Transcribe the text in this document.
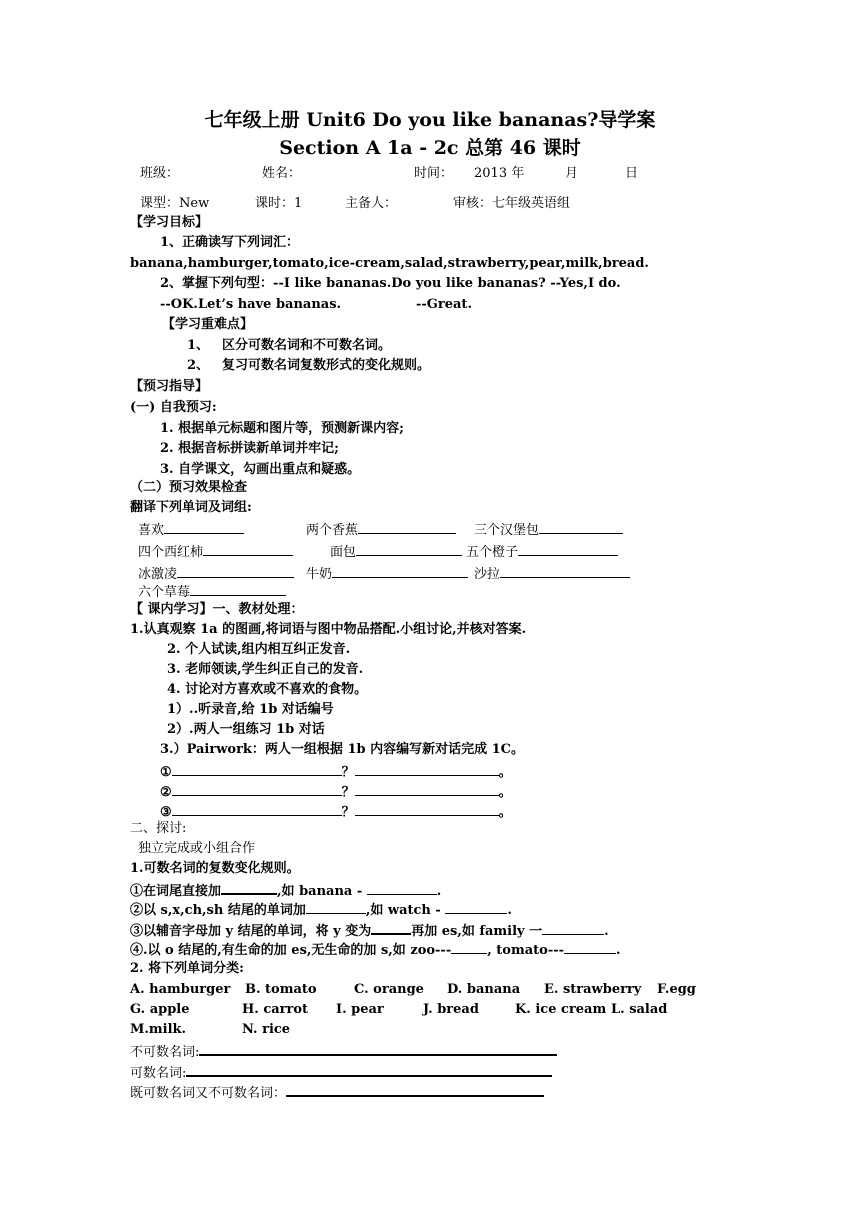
七年级上册 Unit6 Do you like bananas?导学案
Section A 1a - 2c 总第 46 课时
班级：	姓名：	时间： 2013 年	月	日
课型：New	课时：1	主备人：	审核：七年级英语组
【学习目标】
1、正确读写下列词汇：
banana,hamburger,tomato,ice-cream,salad,strawberry,pear,milk,bread.
2、掌握下列句型：--I like bananas.Do you like bananas? --Yes,I do.
--OK.Let’s have bananas.	--Great.
【学习重难点】
1、 区分可数名词和不可数名词。
2、 复习可数名词复数形式的变化规则。
【预习指导】
(一) 自我预习:
1. 根据单元标题和图片等，预测新课内容;
2. 根据音标拼读新单词并牢记;
3. 自学课文，勾画出重点和疑惑。
（二）预习效果检查
翻译下列单词及词组:
喜欢	两个香蕉	三个汉堡包
四个西红柿	面包	五个橙子
冰激凌	牛奶	沙拉
六个草莓
【 课内学习】一、教材处理：
1.认真观察 1a 的图画,将词语与图中物品搭配.小组讨论,并核对答案.
2. 个人试读,组内相互纠正发音.
3. 老师领读,学生纠正自己的发音.
4. 讨论对方喜欢或不喜欢的食物。
1）..听录音,给 1b 对话编号
2）.两人一组练习 1b 对话
3.）Pairwork：两人一组根据 1b 内容编写新对话完成 1C。
①	？	。
②	？	。
③	？	。
二、探讨:
独立完成或小组合作
1.可数名词的复数变化规则。
①在词尾直接加	,如 banana -	.
②以 s,x,ch,sh 结尾的单词加	,如 watch -	.
③以辅音字母加 y 结尾的单词，将 y 变为	再加 es,如 family 一	.
④.以 o 结尾的,有生命的加 es,无生命的加 s,如 zoo---	, tomato---	.
2. 将下列单词分类:
A. hamburger B. tomato	C. orange D. banana E. strawberry F.egg
G. apple	H. carrot I. pear	J. bread	K. ice cream L. salad
M.milk.	N. rice
不可数名词:
可数名词:
既可数名词又不可数名词：
